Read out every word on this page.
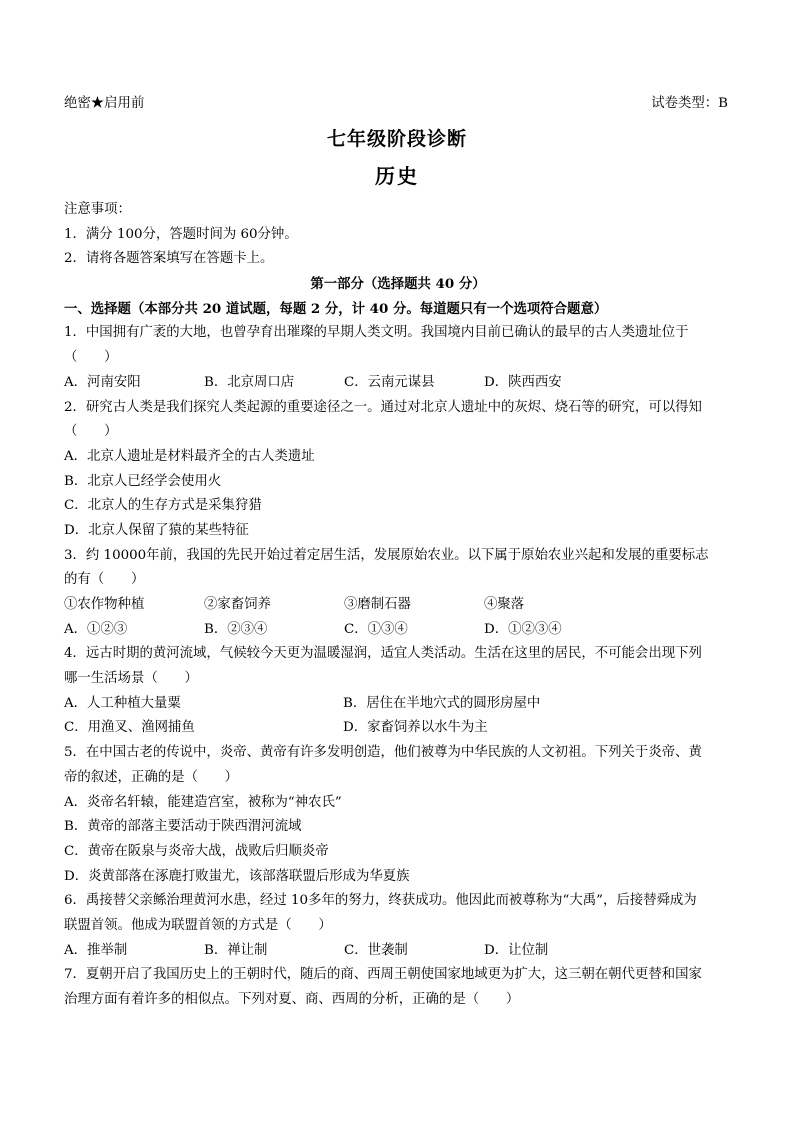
绝密★启用前	试卷类型：B
七年级阶段诊断
历史
注意事项：
1．满分 100分，答题时间为 60分钟。
2．请将各题答案填写在答题卡上。
第一部分（选择题共 40 分）
一、选择题（本部分共 20 道试题，每题 2 分，计 40 分。每道题只有一个选项符合题意）
1．中国拥有广袤的大地，也曾孕育出璀璨的早期人类文明。我国境内目前已确认的最早的古人类遗址位于
（　　）
A．河南安阳	B．北京周口店	C．云南元谋县	D．陕西西安
2．研究古人类是我们探究人类起源的重要途径之一。通过对北京人遗址中的灰烬、烧石等的研究，可以得知
（　　）
A．北京人遗址是材料最齐全的古人类遗址
B．北京人已经学会使用火
C．北京人的生存方式是采集狩猎
D．北京人保留了猿的某些特征
3．约 10000年前，我国的先民开始过着定居生活，发展原始农业。以下属于原始农业兴起和发展的重要标志
的有（　　）
①农作物种植	②家畜饲养	③磨制石器	④聚落
A．①②③	B．②③④	C．①③④	D．①②③④
4．远古时期的黄河流域，气候较今天更为温暖湿润，适宜人类活动。生活在这里的居民，不可能会出现下列
哪一生活场景（　　）
A．人工种植大量粟	B．居住在半地穴式的圆形房屋中
C．用渔叉、渔网捕鱼	D．家畜饲养以水牛为主
5．在中国古老的传说中，炎帝、黄帝有许多发明创造，他们被尊为中华民族的人文初祖。下列关于炎帝、黄
帝的叙述，正确的是（　　）
A．炎帝名轩辕，能建造宫室，被称为“神农氏”
B．黄帝的部落主要活动于陕西渭河流域
C．黄帝在阪泉与炎帝大战，战败后归顺炎帝
D．炎黄部落在涿鹿打败蚩尤，该部落联盟后形成为华夏族
6．禹接替父亲鲧治理黄河水患，经过 10多年的努力，终获成功。他因此而被尊称为“大禹”，后接替舜成为
联盟首领。他成为联盟首领的方式是（　　）
A．推举制	B．禅让制	C．世袭制	D．让位制
7．夏朝开启了我国历史上的王朝时代，随后的商、西周王朝使国家地域更为扩大，这三朝在朝代更替和国家
治理方面有着许多的相似点。下列对夏、商、西周的分析，正确的是（　　）
